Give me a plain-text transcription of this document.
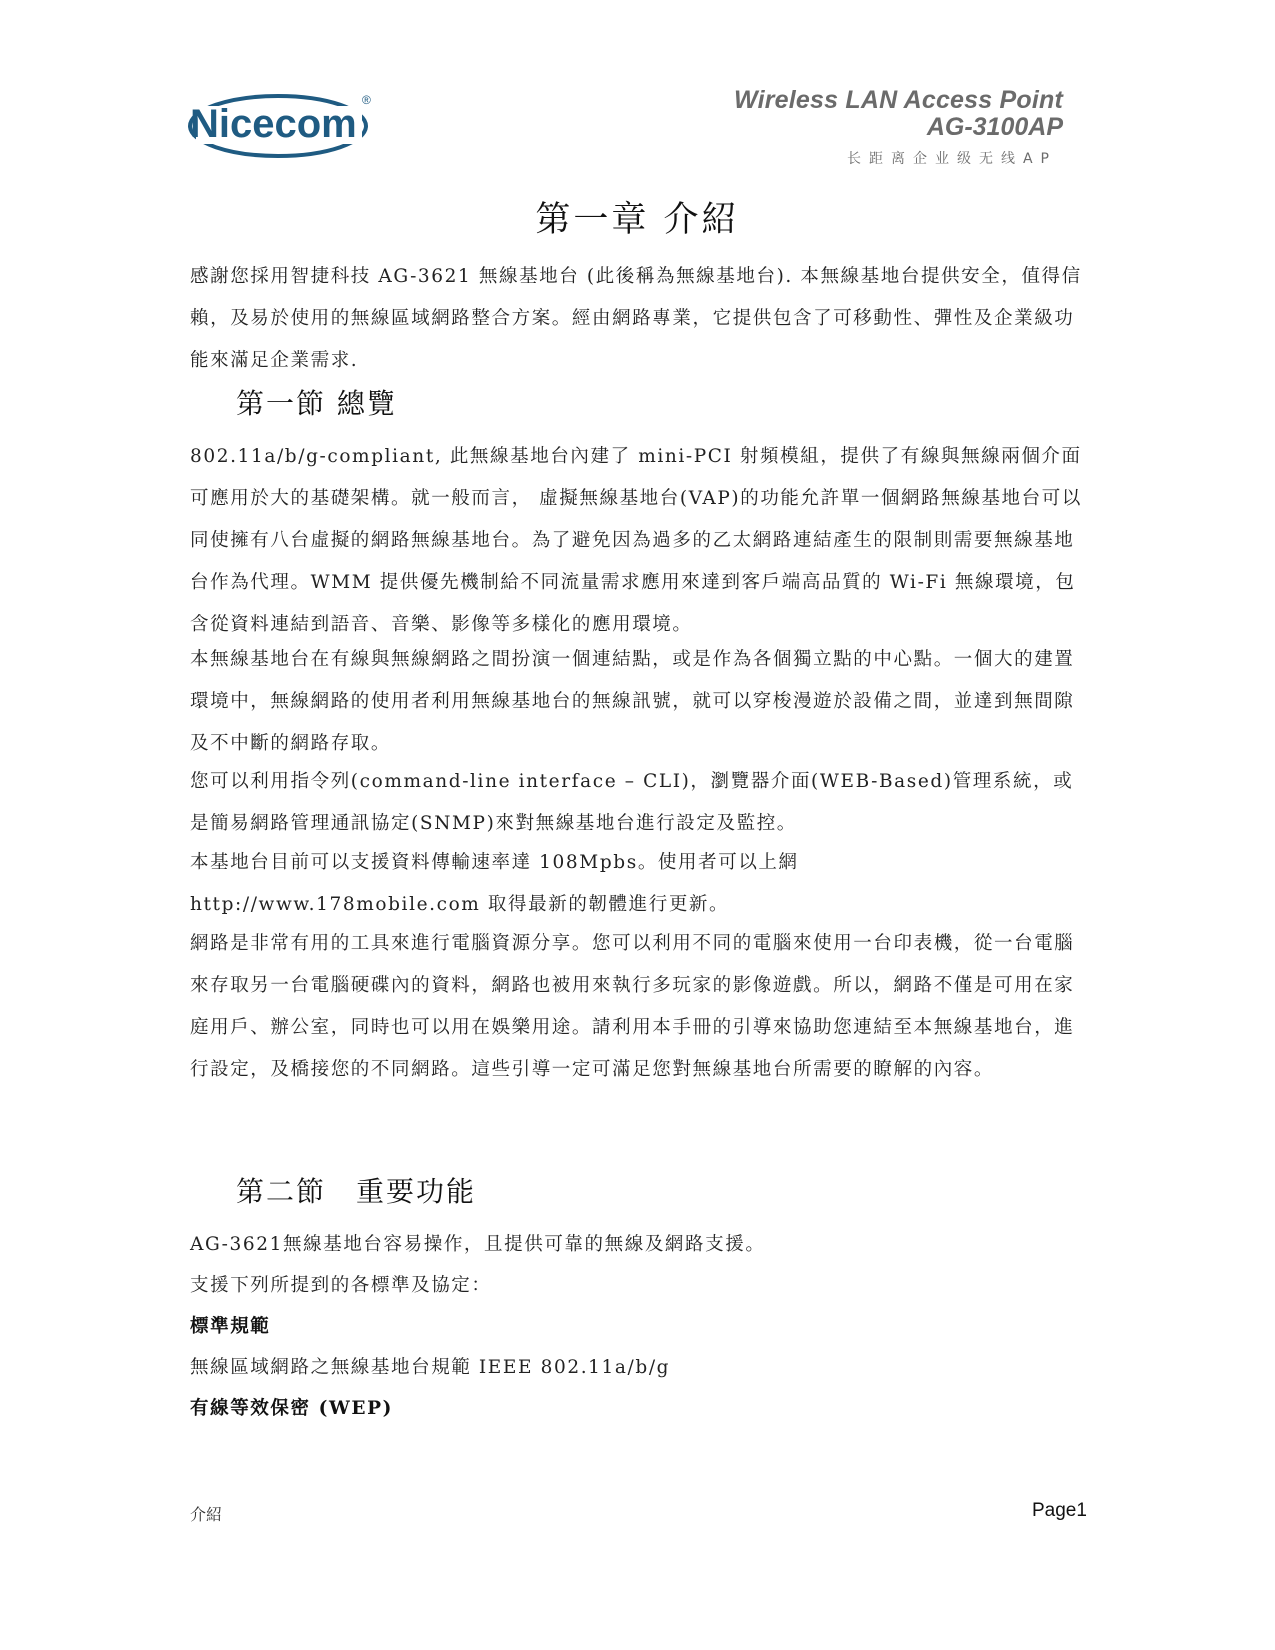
Nicecom
®	Wireless LAN Access Point
AG-3100AP
长距离企业级无线AP
第一章 介紹
感謝您採用智捷科技 AG-3621 無線基地台 (此後稱為無線基地台). 本無線基地台提供安全，值得信賴，及易於使用的無線區域網路整合方案。經由網路專業，它提供包含了可移動性、彈性及企業級功能來滿足企業需求.
第一節 總覽
802.11a/b/g-compliant, 此無線基地台內建了 mini-PCI 射頻模組，提供了有線與無線兩個介面可應用於大的基礎架構。就一般而言， 虛擬無線基地台(VAP)的功能允許單一個網路無線基地台可以同使擁有八台虛擬的網路無線基地台。為了避免因為過多的乙太網路連結產生的限制則需要無線基地台作為代理。WMM 提供優先機制給不同流量需求應用來達到客戶端高品質的 Wi-Fi 無線環境，包含從資料連結到語音、音樂、影像等多樣化的應用環境。
本無線基地台在有線與無線網路之間扮演一個連結點，或是作為各個獨立點的中心點。一個大的建置環境中，無線網路的使用者利用無線基地台的無線訊號，就可以穿梭漫遊於設備之間，並達到無間隙及不中斷的網路存取。
您可以利用指令列(command-line interface – CLI)，瀏覽器介面(WEB-Based)管理系統，或是簡易網路管理通訊協定(SNMP)來對無線基地台進行設定及監控。
本基地台目前可以支援資料傳輸速率達 108Mpbs。使用者可以上網 http://www.178mobile.com 取得最新的韌體進行更新。
網路是非常有用的工具來進行電腦資源分享。您可以利用不同的電腦來使用一台印表機，從一台電腦來存取另一台電腦硬碟內的資料，網路也被用來執行多玩家的影像遊戲。所以，網路不僅是可用在家庭用戶、辦公室，同時也可以用在娛樂用途。請利用本手冊的引導來協助您連結至本無線基地台，進行設定，及橋接您的不同網路。這些引導一定可滿足您對無線基地台所需要的瞭解的內容。
第二節　重要功能
AG-3621無線基地台容易操作，且提供可靠的無線及網路支援。
支援下列所提到的各標準及協定：
標準規範
無線區域網路之無線基地台規範 IEEE 802.11a/b/g
有線等效保密 (WEP)
介紹	Page1
